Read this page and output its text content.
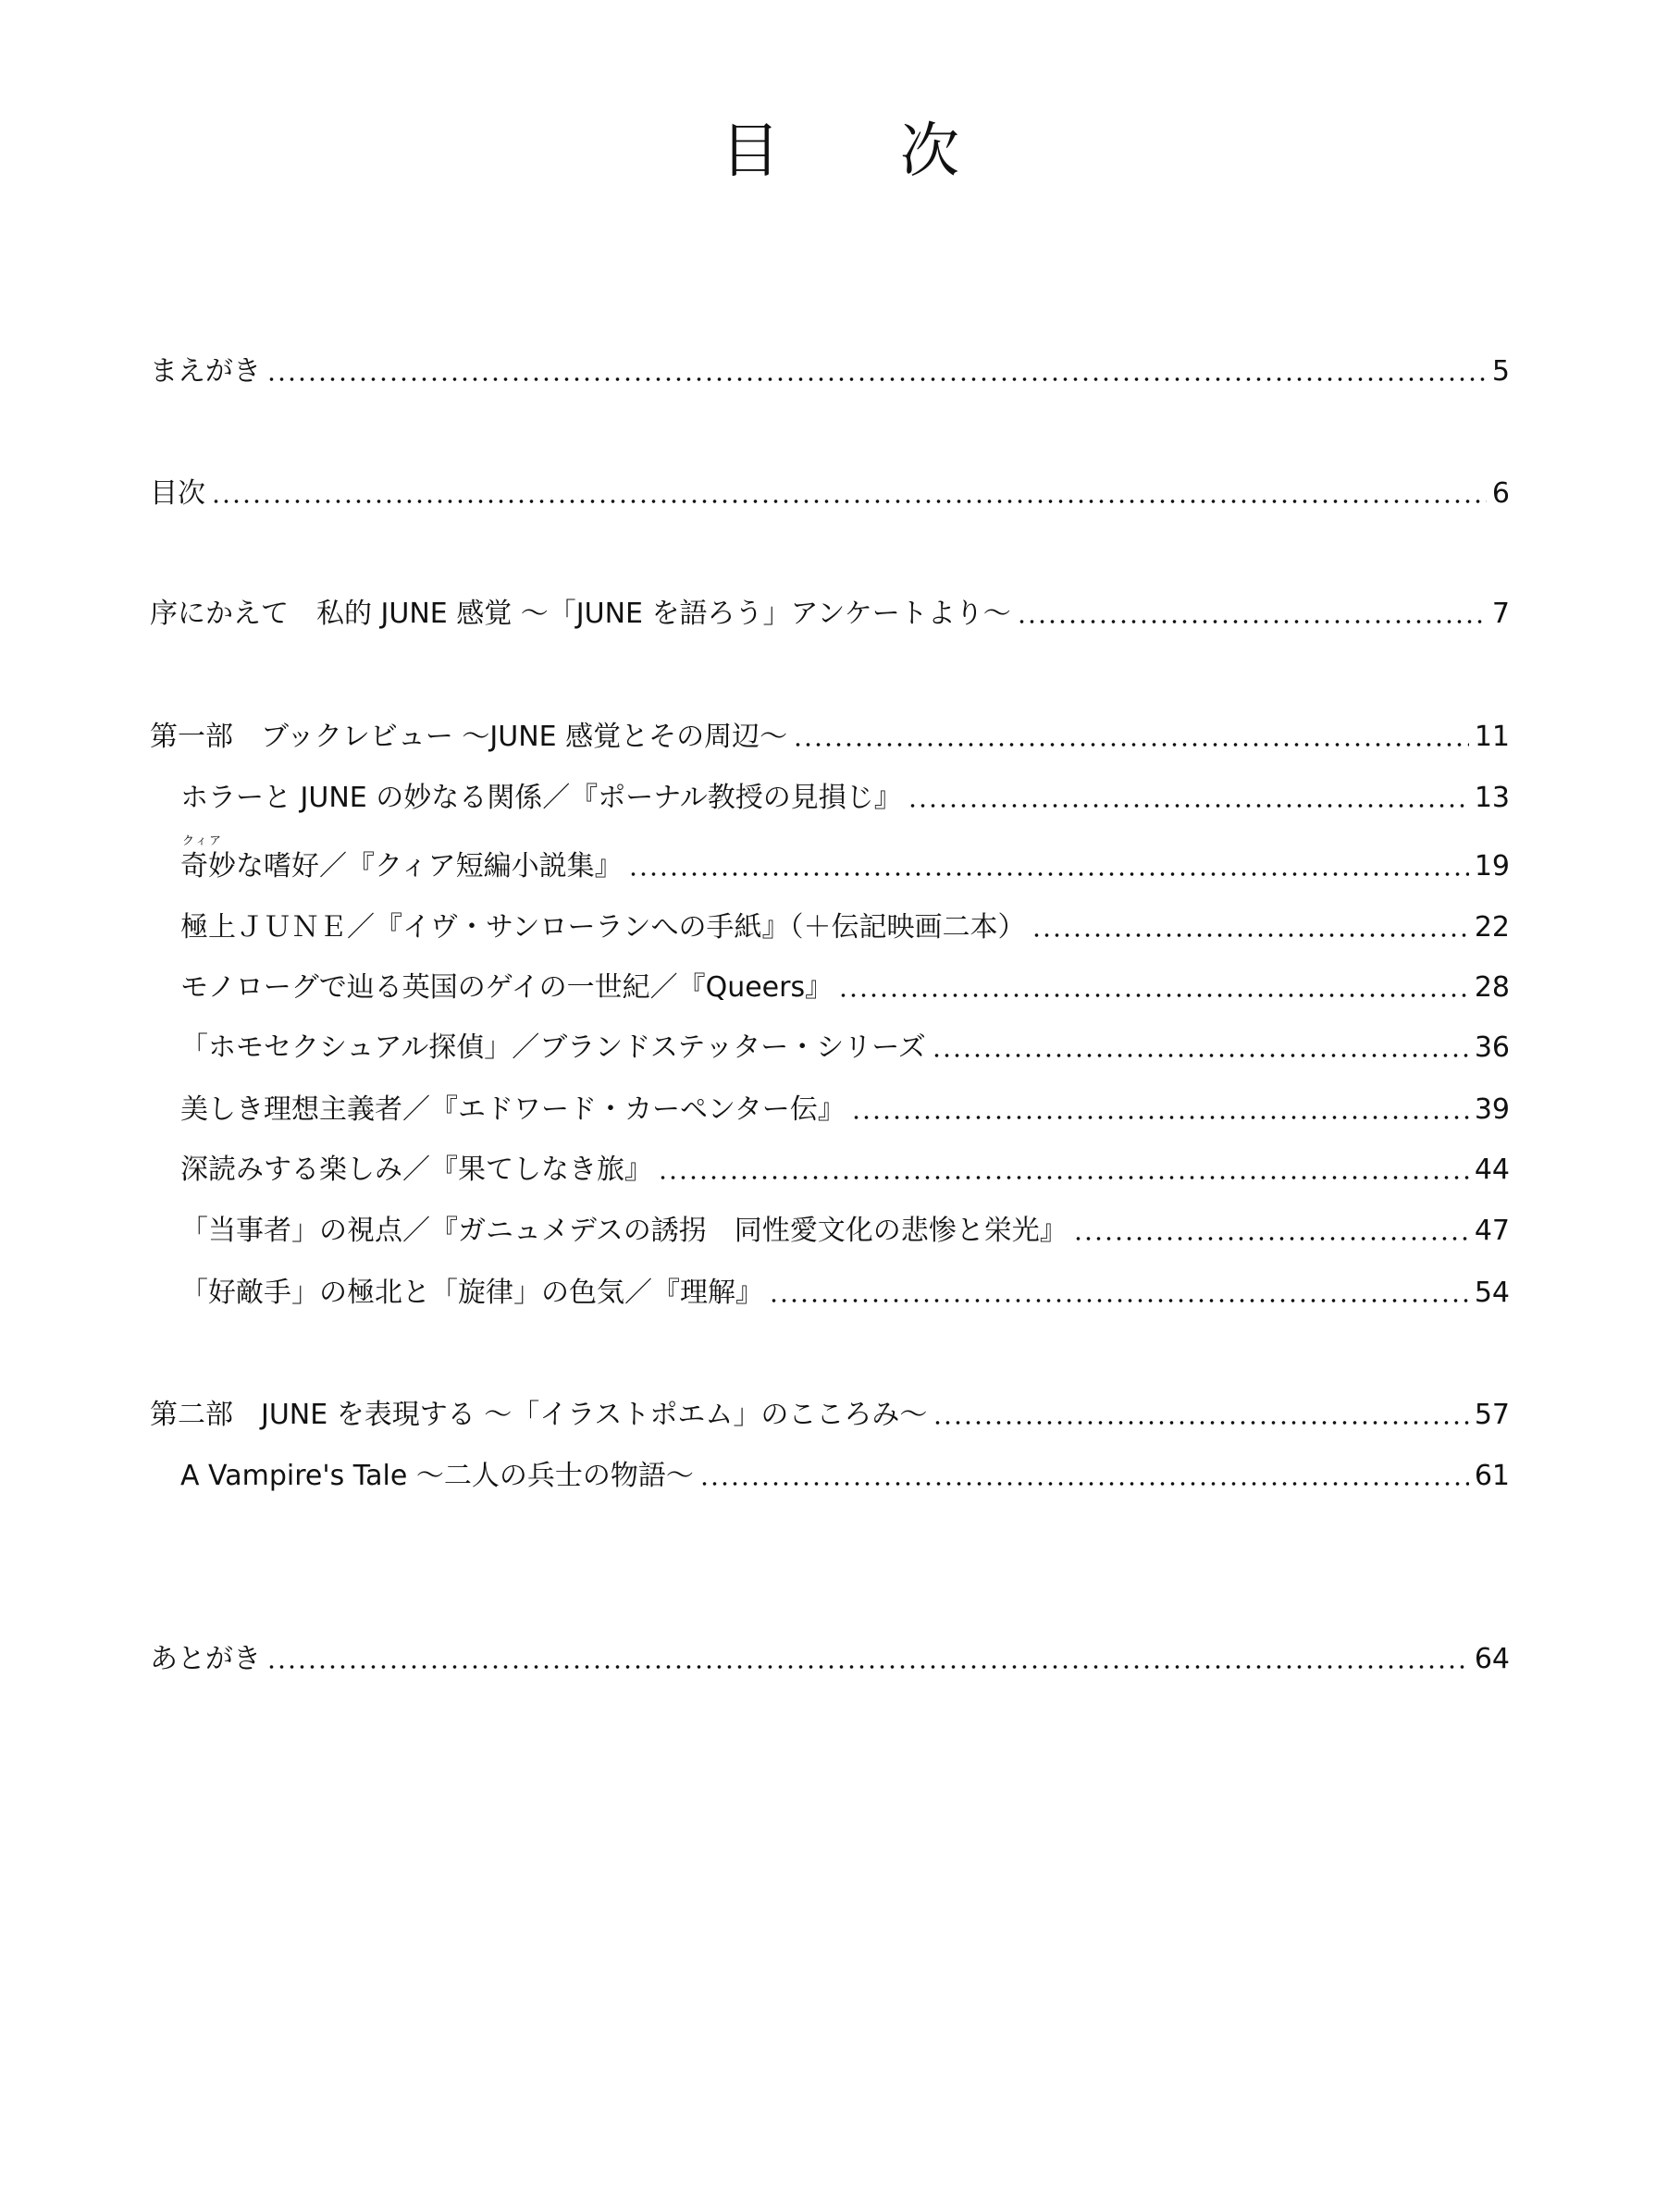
目 次
まえがき	5
目次	6
序にかえて　私的 JUNE 感覚 ～「JUNE を語ろう」アンケートより～	7
第一部　ブックレビュー ～JUNE 感覚とその周辺～	11
ホラーと JUNE の妙なる関係／『ポーナル教授の見損じ』	13
クィア
奇妙な嗜好／『クィア短編小説集』	19
極上ＪＵＮＥ／『イヴ・サンローランへの手紙』（＋伝記映画二本）	22
モノローグで辿る英国のゲイの一世紀／『Queers』	28
「ホモセクシュアル探偵」／ブランドステッター・シリーズ	36
美しき理想主義者／『エドワード・カーペンター伝』	39
深読みする楽しみ／『果てしなき旅』	44
「当事者」の視点／『ガニュメデスの誘拐　同性愛文化の悲惨と栄光』	47
「好敵手」の極北と「旋律」の色気／『理解』	54
第二部　JUNE を表現する ～「イラストポエム」のこころみ～	57
A Vampire's Tale ～二人の兵士の物語～	61
あとがき	64
